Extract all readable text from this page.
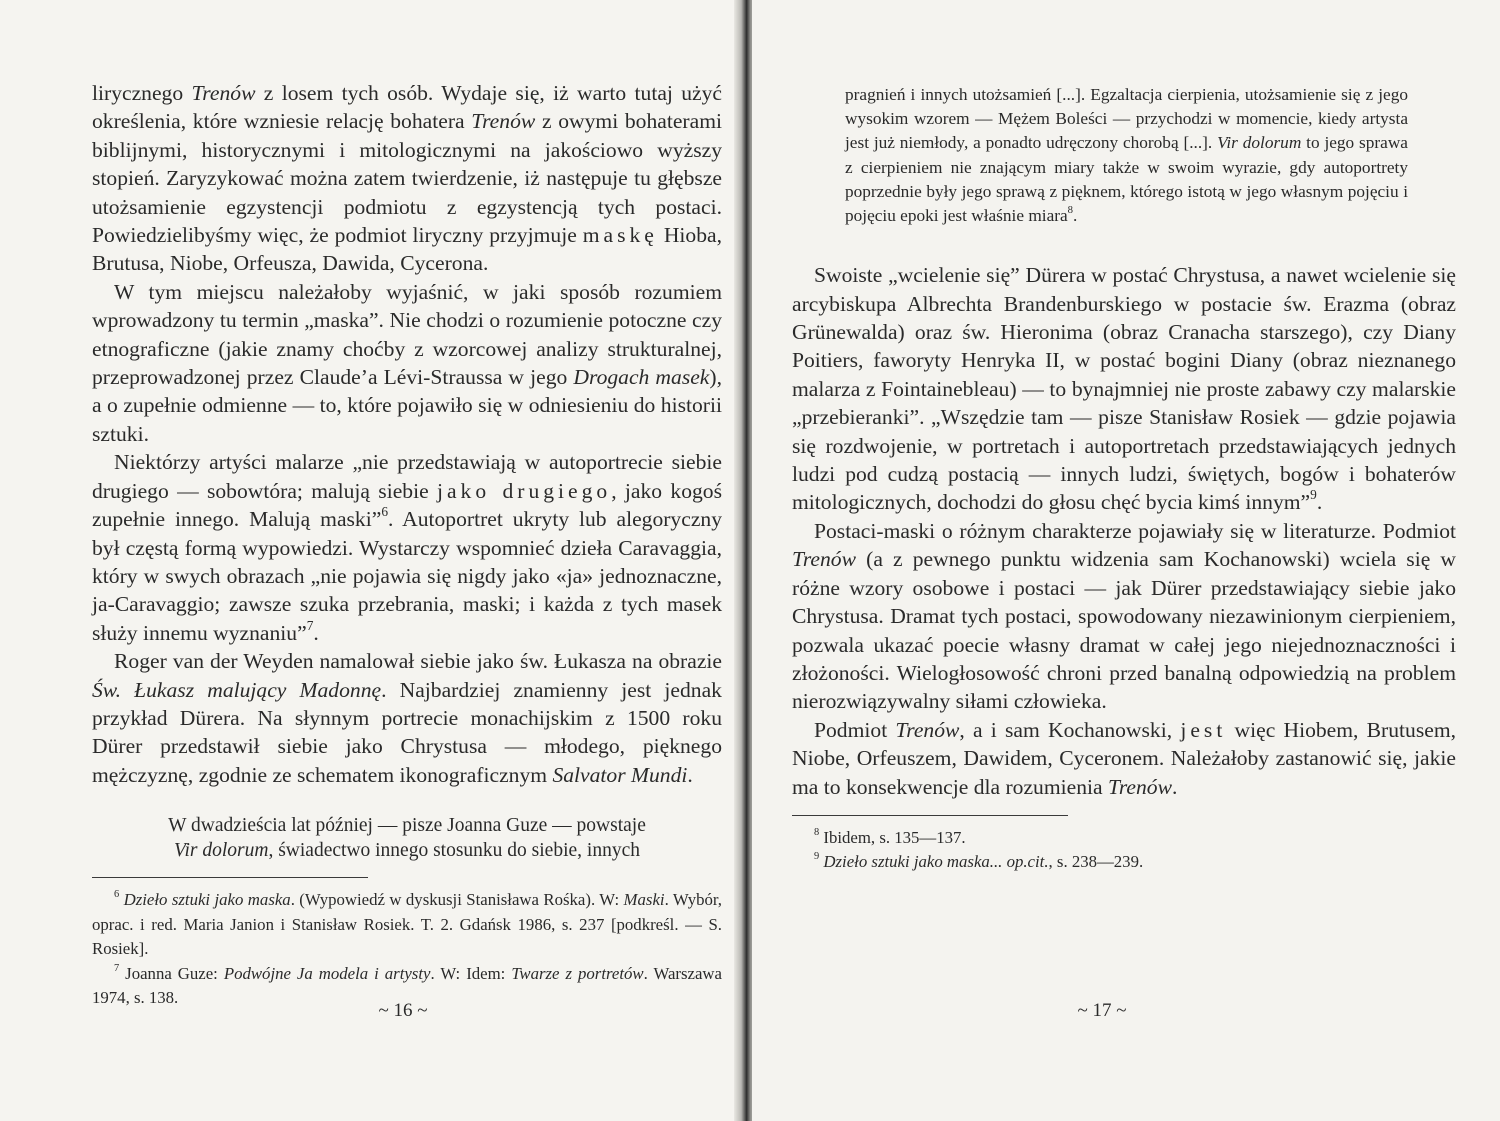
lirycznego Trenów z losem tych osób. Wydaje się, iż warto tutaj użyć określenia, które wzniesie relację bohatera Trenów z owymi bohaterami biblijnymi, historycznymi i mitologicznymi na jakościowo wyższy stopień. Zaryzykować można zatem twierdzenie, iż następuje tu głębsze utożsamienie egzystencji podmiotu z egzystencją tych postaci. Powiedzielibyśmy więc, że podmiot liryczny przyjmuje maskę Hioba, Brutusa, Niobe, Orfeusza, Dawida, Cycerona.

W tym miejscu należałoby wyjaśnić, w jaki sposób rozumiem wprowadzony tu termin „maska”. Nie chodzi o rozumienie potoczne czy etnograficzne (jakie znamy choćby z wzorcowej analizy strukturalnej, przeprowadzonej przez Claude’a Lévi-Straussa w jego Drogach masek), a o zupełnie odmienne — to, które pojawiło się w odniesieniu do historii sztuki.

Niektórzy artyści malarze „nie przedstawiają w autoportrecie siebie drugiego — sobowtóra; malują siebie jako drugiego, jako kogoś zupełnie innego. Malują maski”$^6$. Autoportret ukryty lub alegoryczny był częstą formą wypowiedzi. Wystarczy wspomnieć dzieła Caravaggia, który w swych obrazach „nie pojawia się nigdy jako «ja» jednoznaczne, ja-Caravaggio; zawsze szuka przebrania, maski; i każda z tych masek służy innemu wyznaniu”$^7$.

Roger van der Weyden namalował siebie jako św. Łukasza na obrazie Św. Łukasz malujący Madonnę. Najbardziej znamienny jest jednak przykład Dürera. Na słynnym portrecie monachijskim z 1500 roku Dürer przedstawił siebie jako Chrystusa — młodego, pięknego mężczyznę, zgodnie ze schematem ikonograficznym Salvator Mundi.

W dwadzieścia lat później — pisze Joanna Guze — powstaje

Vir dolorum, świadectwo innego stosunku do siebie, innych

$^6$ Dzieło sztuki jako maska. (Wypowiedź w dyskusji Stanisława Rośka). W: Maski. Wybór, oprac. i red. Maria Janion i Stanisław Rosiek. T. 2. Gdańsk 1986, s. 237 [podkreśl. — S. Rosiek].

$^7$ Joanna Guze: Podwójne Ja modela i artysty. W: Idem: Twarze z portretów. Warszawa 1974, s. 138.

~ 16 ~

pragnień i innych utożsamień [...]. Egzaltacja cierpienia, utożsamienie się z jego wysokim wzorem — Mężem Boleści — przychodzi w momencie, kiedy artysta jest już niemłody, a ponadto udręczony chorobą [...]. Vir dolorum to jego sprawa z cierpieniem nie znającym miary także w swoim wyrazie, gdy autoportrety poprzednie były jego sprawą z pięknem, którego istotą w jego własnym pojęciu i pojęciu epoki jest właśnie miara$^8$.

Swoiste „wcielenie się” Dürera w postać Chrystusa, a nawet wcielenie się arcybiskupa Albrechta Brandenburskiego w postacie św. Erazma (obraz Grünewalda) oraz św. Hieronima (obraz Cranacha starszego), czy Diany Poitiers, faworyty Henryka II, w postać bogini Diany (obraz nieznanego malarza z Fointainebleau) — to bynajmniej nie proste zabawy czy malarskie „przebieranki”. „Wszędzie tam — pisze Stanisław Rosiek — gdzie pojawia się rozdwojenie, w portretach i autoportretach przedstawiających jednych ludzi pod cudzą postacią — innych ludzi, świętych, bogów i bohaterów mitologicznych, dochodzi do głosu chęć bycia kimś innym”$^9$.

Postaci-maski o różnym charakterze pojawiały się w literaturze. Podmiot Trenów (a z pewnego punktu widzenia sam Kochanowski) wciela się w różne wzory osobowe i postaci — jak Dürer przedstawiający siebie jako Chrystusa. Dramat tych postaci, spowodowany niezawinionym cierpieniem, pozwala ukazać poecie własny dramat w całej jego niejednoznaczności i złożoności. Wielogłosowość chroni przed banalną odpowiedzią na problem nierozwiązywalny siłami człowieka.

Podmiot Trenów, a i sam Kochanowski, jest więc Hiobem, Brutusem, Niobe, Orfeuszem, Dawidem, Cyceronem. Należałoby zastanowić się, jakie ma to konsekwencje dla rozumienia Trenów.

$^8$ Ibidem, s. 135—137.

$^9$ Dzieło sztuki jako maska... op.cit., s. 238—239.

~ 17 ~
